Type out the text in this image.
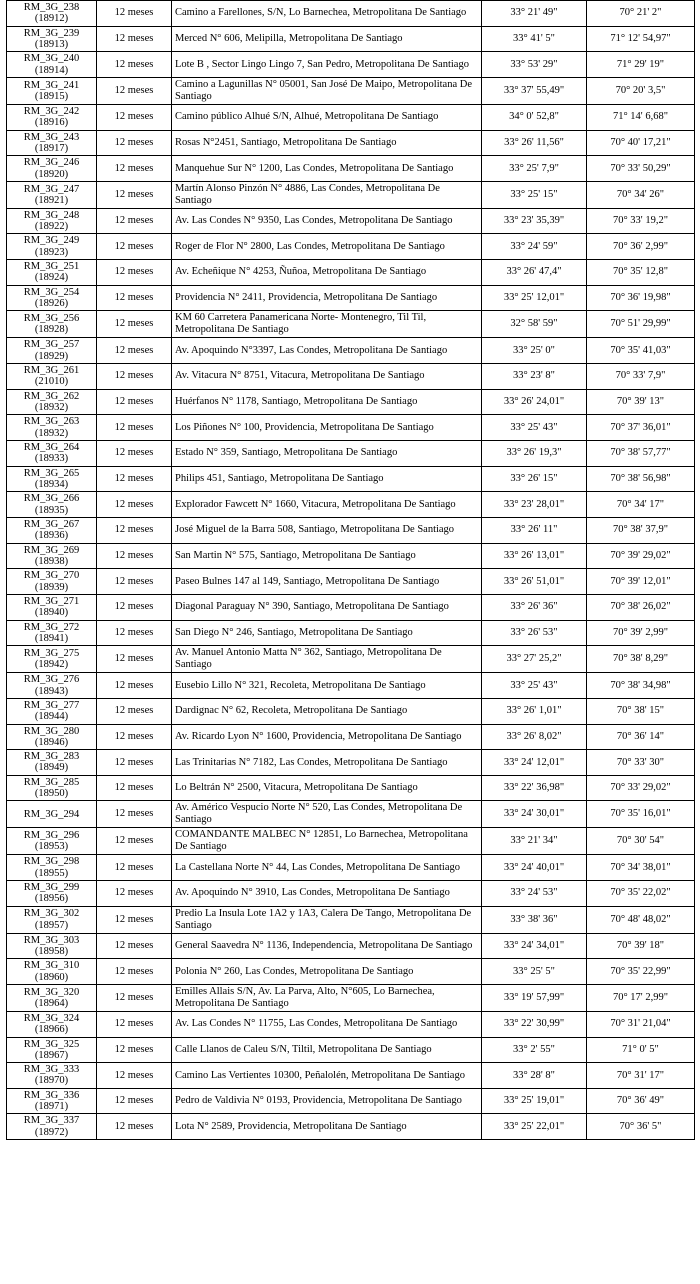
RM_3G_238
(18912)	12 meses	Camino a Farellones, S/N, Lo Barnechea, Metropolitana De Santiago	33° 21' 49"	70° 21' 2"

RM_3G_239
(18913)	12 meses	Merced N° 606, Melipilla, Metropolitana De Santiago	33° 41' 5"	71° 12' 54,97"

RM_3G_240
(18914)	12 meses	Lote B , Sector Lingo Lingo 7, San Pedro, Metropolitana De Santiago	33° 53' 29"	71° 29' 19"

RM_3G_241
(18915)	12 meses	Camino a Lagunillas N° 05001, San José De Maipo, Metropolitana De Santiago	33° 37' 55,49"	70° 20' 3,5"

RM_3G_242
(18916)	12 meses	Camino público Alhué S/N, Alhué, Metropolitana De Santiago	34° 0' 52,8"	71° 14' 6,68"

RM_3G_243
(18917)	12 meses	Rosas N°2451, Santiago, Metropolitana De Santiago	33° 26' 11,56"	70° 40' 17,21"

RM_3G_246
(18920)	12 meses	Manquehue Sur N° 1200, Las Condes, Metropolitana De Santiago	33° 25' 7,9"	70° 33' 50,29"

RM_3G_247
(18921)	12 meses	Martín Alonso Pinzón N° 4886, Las Condes, Metropolitana De Santiago	33° 25' 15"	70° 34' 26"

RM_3G_248
(18922)	12 meses	Av. Las Condes N° 9350, Las Condes, Metropolitana De Santiago	33° 23' 35,39"	70° 33' 19,2"

RM_3G_249
(18923)	12 meses	Roger de Flor N° 2800, Las Condes, Metropolitana De Santiago	33° 24' 59"	70° 36' 2,99"

RM_3G_251
(18924)	12 meses	Av. Echeñique N° 4253, Ñuñoa, Metropolitana De Santiago	33° 26' 47,4"	70° 35' 12,8"

RM_3G_254
(18926)	12 meses	Providencia N° 2411, Providencia, Metropolitana De Santiago	33° 25' 12,01"	70° 36' 19,98"

RM_3G_256
(18928)	12 meses	KM 60 Carretera Panamericana Norte- Montenegro, Til Til, Metropolitana De Santiago	32° 58' 59"	70° 51' 29,99"

RM_3G_257
(18929)	12 meses	Av. Apoquindo N°3397, Las Condes, Metropolitana De Santiago	33° 25' 0"	70° 35' 41,03"

RM_3G_261
(21010)	12 meses	Av. Vitacura N° 8751, Vitacura, Metropolitana De Santiago	33° 23' 8"	70° 33' 7,9"

RM_3G_262
(18932)	12 meses	Huérfanos N° 1178, Santiago, Metropolitana De Santiago	33° 26' 24,01"	70° 39' 13"

RM_3G_263
(18932)	12 meses	Los Piñones N° 100, Providencia, Metropolitana De Santiago	33° 25' 43"	70° 37' 36,01"

RM_3G_264
(18933)	12 meses	Estado N° 359, Santiago, Metropolitana De Santiago	33° 26' 19,3"	70° 38' 57,77"

RM_3G_265
(18934)	12 meses	Philips 451, Santiago, Metropolitana De Santiago	33° 26' 15"	70° 38' 56,98"

RM_3G_266
(18935)	12 meses	Explorador Fawcett N° 1660, Vitacura, Metropolitana De Santiago	33° 23' 28,01"	70° 34' 17"

RM_3G_267
(18936)	12 meses	José Miguel de la Barra 508, Santiago, Metropolitana De Santiago	33° 26' 11"	70° 38' 37,9"

RM_3G_269
(18938)	12 meses	San Martin N° 575, Santiago, Metropolitana De Santiago	33° 26' 13,01"	70° 39' 29,02"

RM_3G_270
(18939)	12 meses	Paseo Bulnes 147 al 149, Santiago, Metropolitana De Santiago	33° 26' 51,01"	70° 39' 12,01"

RM_3G_271
(18940)	12 meses	Diagonal Paraguay N° 390, Santiago, Metropolitana De Santiago	33° 26' 36"	70° 38' 26,02"

RM_3G_272
(18941)	12 meses	San Diego N° 246, Santiago, Metropolitana De Santiago	33° 26' 53"	70° 39' 2,99"

RM_3G_275
(18942)	12 meses	Av. Manuel Antonio Matta N° 362, Santiago, Metropolitana De Santiago	33° 27' 25,2"	70° 38' 8,29"

RM_3G_276
(18943)	12 meses	Eusebio Lillo N° 321, Recoleta, Metropolitana De Santiago	33° 25' 43"	70° 38' 34,98"

RM_3G_277
(18944)	12 meses	Dardignac N° 62, Recoleta, Metropolitana De Santiago	33° 26' 1,01"	70° 38' 15"

RM_3G_280
(18946)	12 meses	Av. Ricardo Lyon N° 1600, Providencia, Metropolitana De Santiago	33° 26' 8,02"	70° 36' 14"

RM_3G_283
(18949)	12 meses	Las Trinitarias N° 7182, Las Condes, Metropolitana De Santiago	33° 24' 12,01"	70° 33' 30"

RM_3G_285
(18950)	12 meses	Lo Beltrán N° 2500, Vitacura, Metropolitana De Santiago	33° 22' 36,98"	70° 33' 29,02"

RM_3G_294	12 meses	Av. Américo Vespucio Norte N° 520, Las Condes, Metropolitana De Santiago	33° 24' 30,01"	70° 35' 16,01"

RM_3G_296
(18953)	12 meses	COMANDANTE MALBEC N° 12851, Lo Barnechea, Metropolitana De Santiago	33° 21' 34"	70° 30' 54"

RM_3G_298
(18955)	12 meses	La Castellana Norte N° 44, Las Condes, Metropolitana De Santiago	33° 24' 40,01"	70° 34' 38,01"

RM_3G_299
(18956)	12 meses	Av. Apoquindo N° 3910, Las Condes, Metropolitana De Santiago	33° 24' 53"	70° 35' 22,02"

RM_3G_302
(18957)	12 meses	Predio La Insula Lote 1A2 y 1A3, Calera De Tango, Metropolitana De Santiago	33° 38' 36"	70° 48' 48,02"

RM_3G_303
(18958)	12 meses	General Saavedra N° 1136, Independencia, Metropolitana De Santiago	33° 24' 34,01"	70° 39' 18"

RM_3G_310
(18960)	12 meses	Polonia N° 260, Las Condes, Metropolitana De Santiago	33° 25' 5"	70° 35' 22,99"

RM_3G_320
(18964)	12 meses	Emilles Allais S/N, Av. La Parva, Alto, N°605, Lo Barnechea, Metropolitana De Santiago	33° 19' 57,99"	70° 17' 2,99"

RM_3G_324
(18966)	12 meses	Av. Las Condes N° 11755, Las Condes, Metropolitana De Santiago	33° 22' 30,99"	70° 31' 21,04"

RM_3G_325
(18967)	12 meses	Calle Llanos de Caleu S/N, Tiltil, Metropolitana De Santiago	33° 2' 55"	71° 0' 5"

RM_3G_333
(18970)	12 meses	Camino Las Vertientes 10300, Peñalolén, Metropolitana De Santiago	33° 28' 8"	70° 31' 17"

RM_3G_336
(18971)	12 meses	Pedro de Valdivia N° 0193, Providencia, Metropolitana De Santiago	33° 25' 19,01"	70° 36' 49"

RM_3G_337
(18972)	12 meses	Lota N° 2589, Providencia, Metropolitana De Santiago	33° 25' 22,01"	70° 36' 5"
